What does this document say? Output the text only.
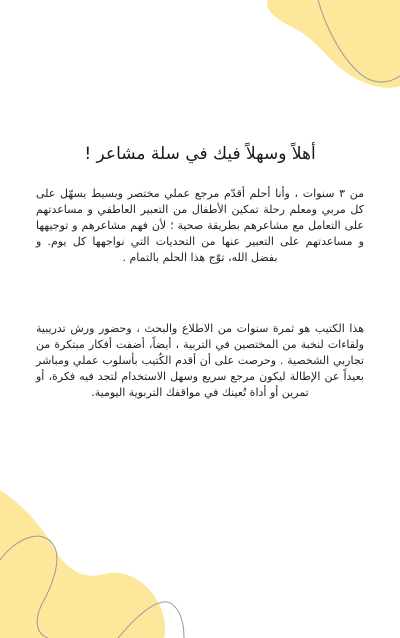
أهلاً وسهلاً فيك في سلة مشاعر !

من ٣ سنوات ، وأنا أحلم أقدّم مرجع عملي مختصر وبسيط يسهّل على كل مربي ومعلم رحلة تمكين الأطفال من التعبير العاطفي و مساعدتهم على التعامل مع مشاعرهم بطريقة صحية ؛ لأن فهم مشاعرهم و توجيهها و مساعدتهم على التعبير عنها من التحديات التي نواجهها كل يوم. و بفضل الله، توّج هذا الحلم بالتمام .

هذا الكتيب هو ثمرة سنوات من الاطلاع والبحث ، وحضور ورش تدريبية ولقاءات لنخبة من المختصين في التربية ، أيضاً، أضفت أفكار مبتكرة من تجاربي الشخصية . وحرصت على أن أقدم الكُتيب بأسلوب عملي ومباشر بعيداً عن الإطالة ليكون مرجع سريع وسهل الاستخدام لتجد فيه فكرة، أو تمرين أو أداة تُعينك في مواقفك التربوية اليومية.
